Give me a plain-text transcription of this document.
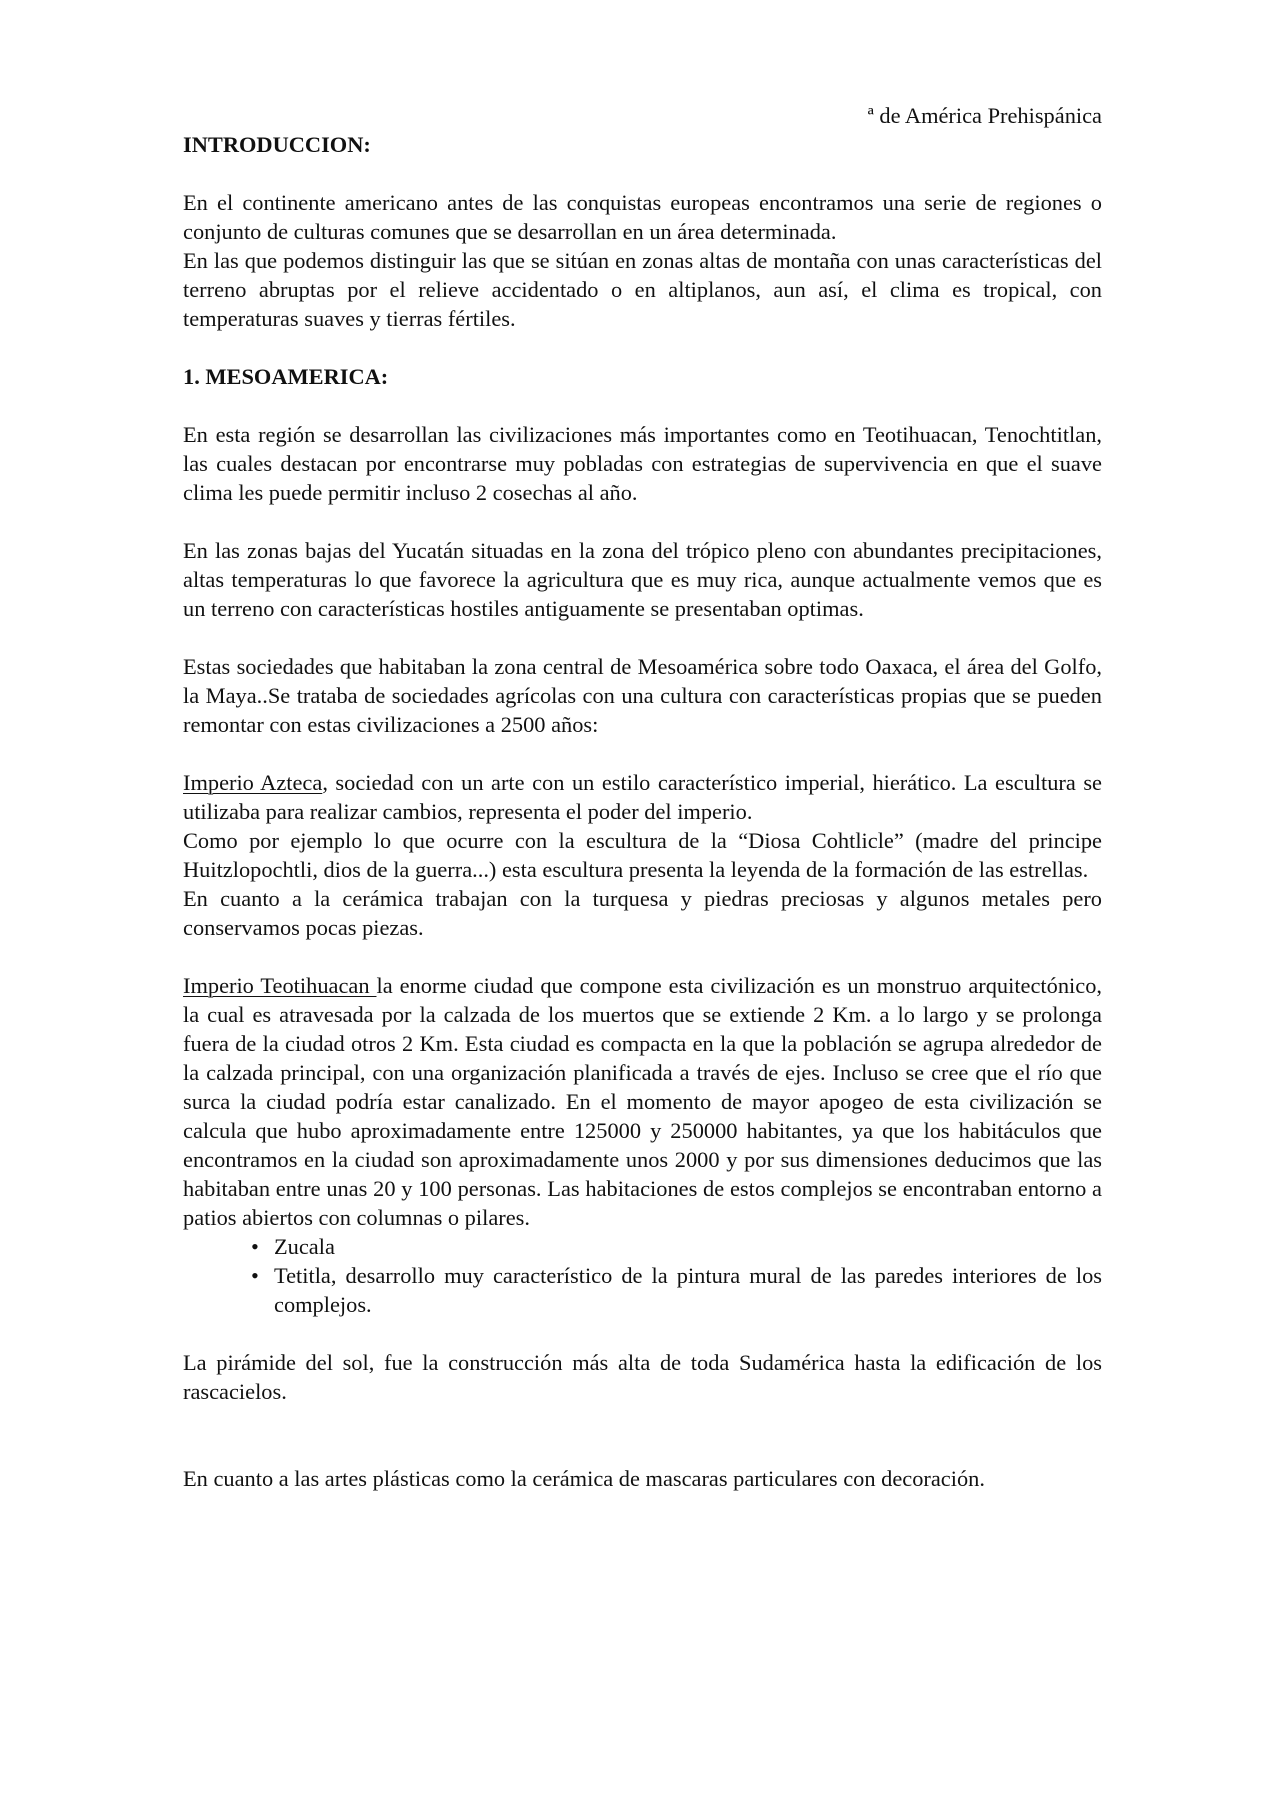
ª de América Prehispánica
INTRODUCCION:

En el continente americano antes de las conquistas europeas encontramos una serie de regiones o conjunto de culturas comunes que se desarrollan en un área determinada.

En las que podemos distinguir las que se sitúan en zonas altas de montaña con unas características del terreno abruptas por el relieve accidentado o en altiplanos, aun así, el clima es tropical, con temperaturas suaves y tierras fértiles.

1. MESOAMERICA:

En esta región se desarrollan las civilizaciones más importantes como en Teotihuacan, Tenochtitlan, las cuales destacan por encontrarse muy pobladas con estrategias de supervivencia en que el suave clima les puede permitir incluso 2 cosechas al año.

En las zonas bajas del Yucatán situadas en la zona del trópico pleno con abundantes precipitaciones, altas temperaturas lo que favorece la agricultura que es muy rica, aunque actualmente vemos que es un terreno con características hostiles antiguamente se presentaban optimas.

Estas sociedades que habitaban la zona central de Mesoamérica sobre todo Oaxaca, el área del Golfo, la Maya..Se trataba de sociedades agrícolas con una cultura con características propias que se pueden remontar con estas civilizaciones a 2500 años:

Imperio Azteca, sociedad con un arte con un estilo característico imperial, hierático. La escultura se utilizaba para realizar cambios, representa el poder del imperio.

Como por ejemplo lo que ocurre con la escultura de la “Diosa Cohtlicle” (madre del principe Huitzlopochtli, dios de la guerra...) esta escultura presenta la leyenda de la formación de las estrellas.

En cuanto a la cerámica trabajan con la turquesa y piedras preciosas y algunos metales pero conservamos pocas piezas.

Imperio Teotihuacan la enorme ciudad que compone esta civilización es un monstruo arquitectónico, la cual es atravesada por la calzada de los muertos que se extiende 2 Km. a lo largo y se prolonga fuera de la ciudad otros 2 Km. Esta ciudad es compacta en la que la población se agrupa alrededor de la calzada principal, con una organización planificada a través de ejes. Incluso se cree que el río que surca la ciudad podría estar canalizado. En el momento de mayor apogeo de esta civilización se calcula que hubo aproximadamente entre 125000 y 250000 habitantes, ya que los habitáculos que encontramos en la ciudad son aproximadamente unos 2000 y por sus dimensiones deducimos que las habitaban entre unas 20 y 100 personas. Las habitaciones de estos complejos se encontraban entorno a patios abiertos con columnas o pilares.

• Zucala
• Tetitla, desarrollo muy característico de la pintura mural de las paredes interiores de los complejos.

La pirámide del sol, fue la construcción más alta de toda Sudamérica hasta la edificación de los rascacielos.

En cuanto a las artes plásticas como la cerámica de mascaras particulares con decoración.
